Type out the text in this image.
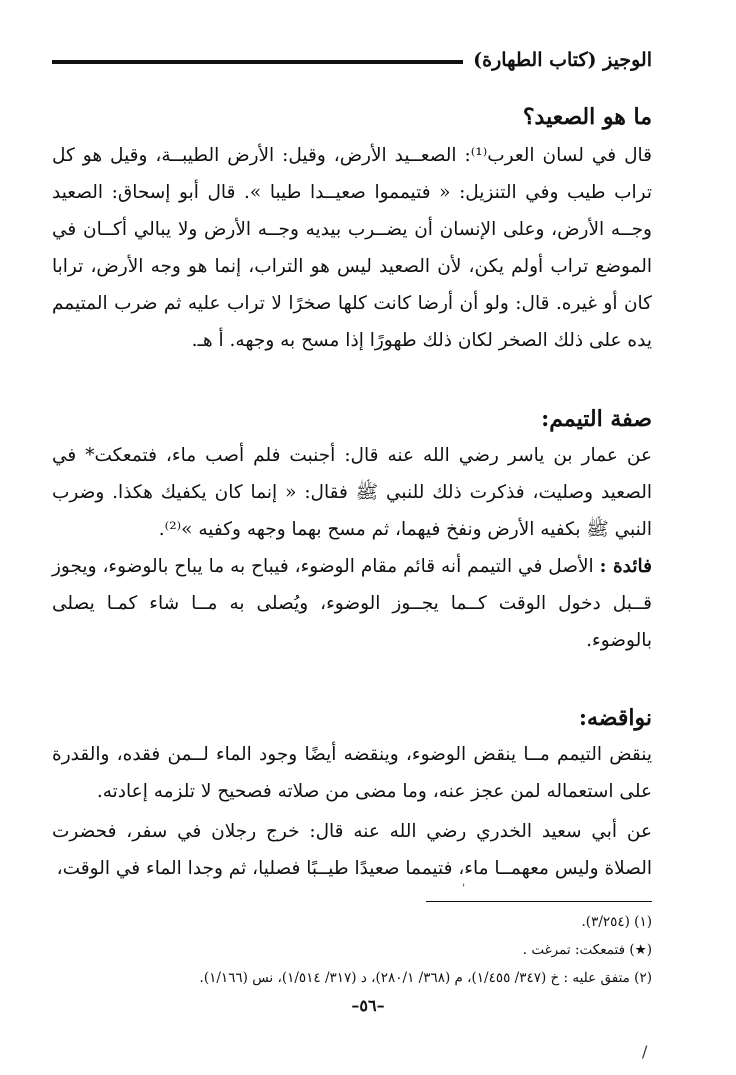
الوجيز (كتاب الطهارة)
ما هو الصعيد؟

قال في لسان العرب⁽¹⁾: الصعــيد الأرض، وقيل: الأرض الطيبــة، وقيل هو كل تراب طيب وفي التنزيل: « فتيمموا صعيــدا طيبا ». قال أبو إسحاق: الصعيد وجــه الأرض، وعلى الإنسان أن يضــرب بيديه وجــه الأرض ولا يبالي أكــان في الموضع تراب أولم يكن، لأن الصعيد ليس هو التراب، إنما هو وجه الأرض، ترابا كان أو غيره. قال: ولو أن أرضا كانت كلها صخرًا لا تراب عليه ثم ضرب المتيمم يده على ذلك الصخر لكان ذلك طهورًا إذا مسح به وجهه. أ هـ.

صفة التيمم:

عن عمار بن ياسر رضي الله عنه قال: أجنبت فلم أصب ماء، فتمعكت* في الصعيد وصليت، فذكرت ذلك للنبي ﷺ فقال: « إنما كان يكفيك هكذا. وضرب النبي ﷺ بكفيه الأرض ونفخ فيهما، ثم مسح بهما وجهه وكفيه »⁽²⁾.

فائدة : الأصل في التيمم أنه قائم مقام الوضوء، فيباح به ما يباح بالوضوء، ويجوز قــبل دخول الوقت كــما يجــوز الوضوء، ويُصلى به مــا شاء كمـا يصلى بالوضوء.

نواقضه:

ينقض التيمم مــا ينقض الوضوء، وينقضه أيضًا وجود الماء لــمن فقده، والقدرة على استعماله لمن عجز عنه، وما مضى من صلاته فصحيح لا تلزمه إعادته.

عن أبي سعيد الخدري رضي الله عنه قال: خرج رجلان في سفر، فحضرت الصلاة وليس معهمــا ماء، فتيمما صعيدًا طيــبًا فصليا، ثم وجدا الماء في الوقت،

(١) (٣/٢٥٤).
(★) فتمعكت: تمرغت .
(٢) متفق عليه : خ (٣٤٧/ ١/٤٥٥)، م (٣٦٨/ ٢٨٠/١)، د (٣١٧/ ١/٥١٤)، نس (١/١٦٦).
–٥٦–
ˈ
/
